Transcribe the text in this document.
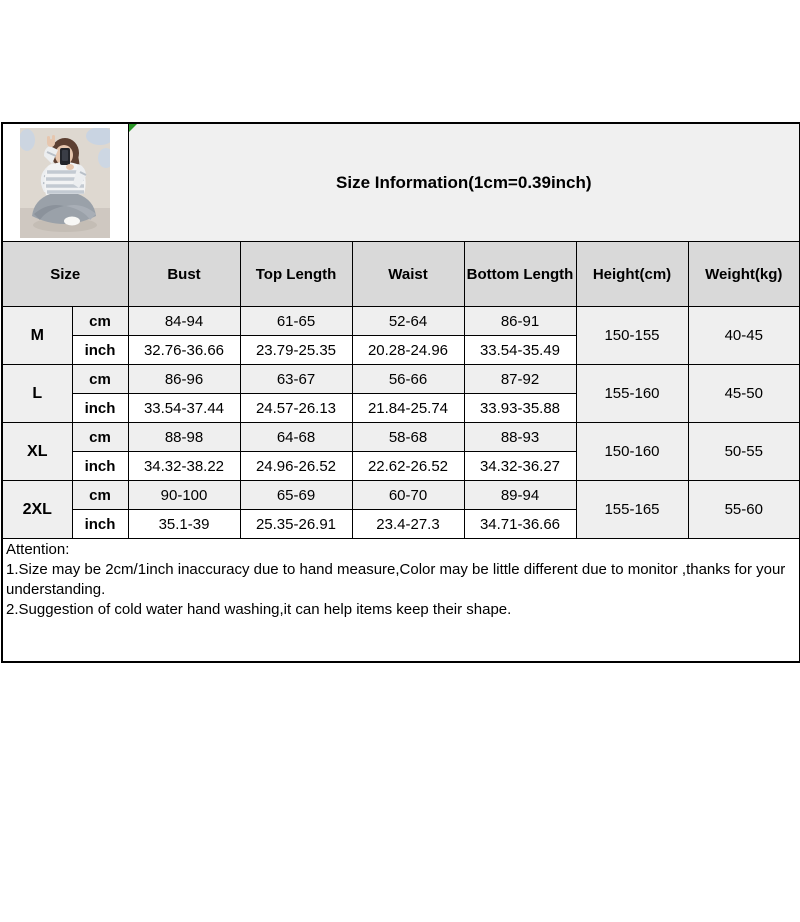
Size Information(1cm=0.39inch)					
Size		Bust	Top Length	Waist	Bottom Length	Height(cm)	Weight(kg)
M	cm	84-94	61-65	52-64	86-91	150-155	40-45
	inch	32.76-36.66	23.79-25.35	20.28-24.96	33.54-35.49		
L	cm	86-96	63-67	56-66	87-92	155-160	45-50
	inch	33.54-37.44	24.57-26.13	21.84-25.74	33.93-35.88		
XL	cm	88-98	64-68	58-68	88-93	150-160	50-55
	inch	34.32-38.22	24.96-26.52	22.62-26.52	34.32-36.27		
2XL	cm	90-100	65-69	60-70	89-94	155-165	55-60
	inch	35.1-39	25.35-26.91	23.4-27.3	34.71-36.66		

Attention:
1.Size may be 2cm/1inch inaccuracy due to hand measure,Color may be little different due to monitor ,thanks for your understanding.
2.Suggestion of cold water hand washing,it can help items keep their shape.							
